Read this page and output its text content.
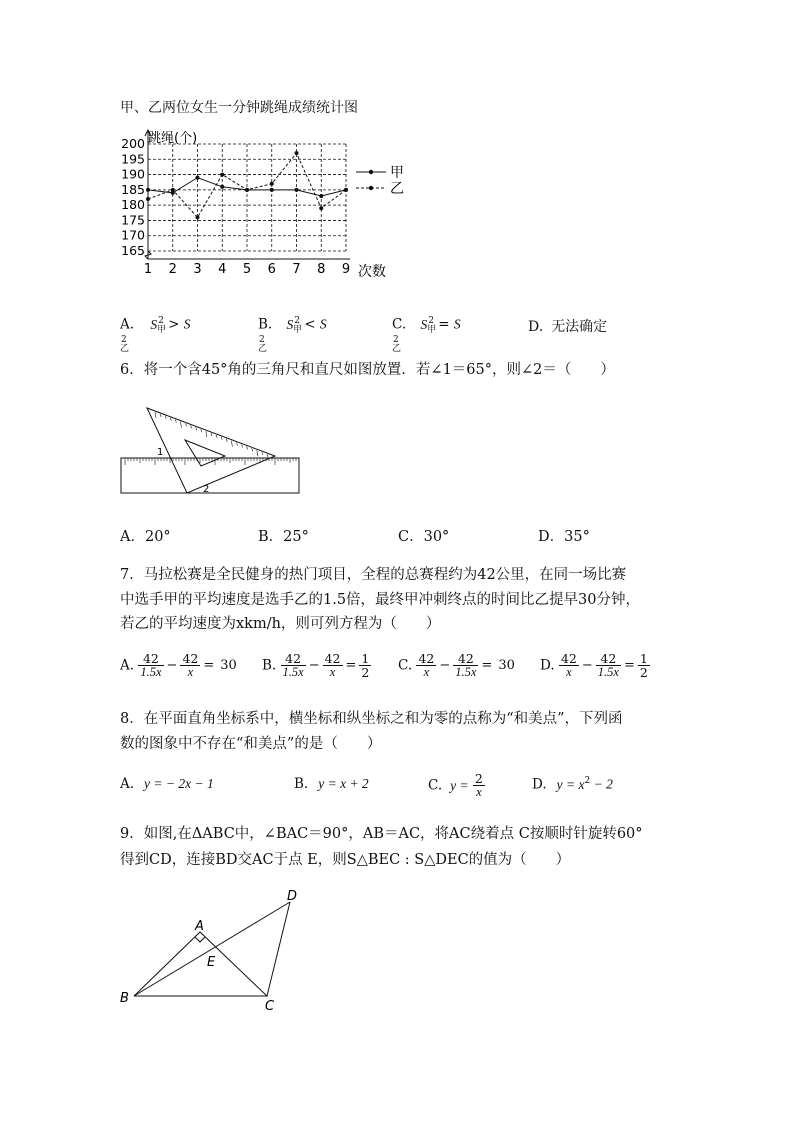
甲、乙两位女生一分钟跳绳成绩统计图
跳绳(个)
次数
200
195
190
185
180
175
170
165
1 2 3 4 5 6 7 8 9
甲
乙
A. $S_甲^2 > S_乙^2$
B. $S_甲^2 < S_乙^2$
C. $S_甲^2 = S_乙^2$
D. 无法确定
6．将一个含45°角的三角尺和直尺如图放置．若∠1＝65°，则∠2＝（　　）
1
2
A．20°	B．25°	C．30°	D．35°
7．马拉松赛是全民健身的热门项目，全程的总赛程约为42公里，在同一场比赛
中选手甲的平均速度是选手乙的1.5倍，最终甲冲刺终点的时间比乙提早30分钟，
若乙的平均速度为xkm/h，则可列方程为（　　）
A. $\frac{42}{1.5x} - \frac{42}{x} = 30$ B. $\frac{42}{1.5x} - \frac{42}{x} = \frac{1}{2} C$. $\frac{42}{x} - \frac{42}{1.5x} = 30$ D. $\frac{42}{x} - \frac{42}{1.5x} = \frac{1}{2}$
8．在平面直角坐标系中，横坐标和纵坐标之和为零的点称为“和美点”，下列函
数的图象中不存在“和美点”的是（　　）
A. y = − 2x − 1	B. y = x + 2	C. $y = \frac{2}{x}$	D. $y = x^2 - 2$
9．如图,在ΔABC中，∠BAC＝90°，AB＝AC，将AC绕着点 C按顺时针旋转60°
得到CD，连接BD交AC于点 E，则S△BEC : S△DEC的值为（　　）
A
B
C
D
E
